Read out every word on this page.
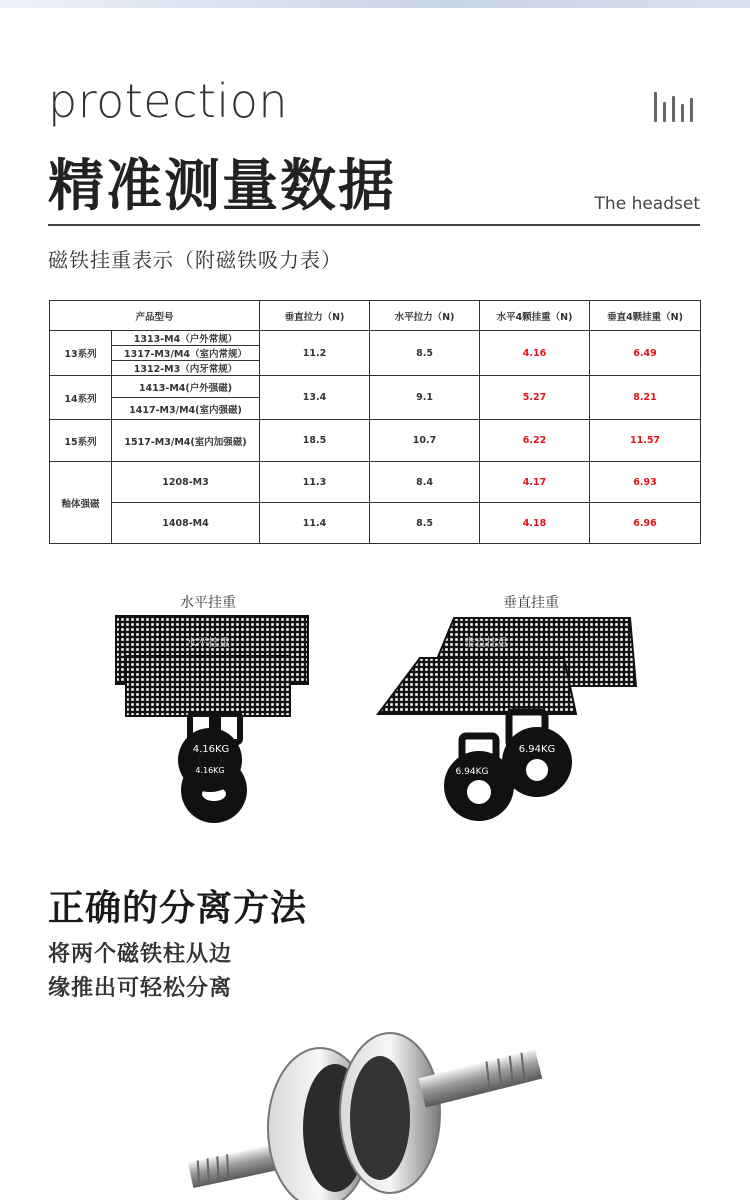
protection
精准测量数据	The headset
磁铁挂重表示（附磁铁吸力表）
产品型号		垂直拉力（N)	水平拉力（N)	水平4颗挂重（N)	垂直4颗挂重（N)
13系列	1313-M4（户外常规）	11.2	8.5	4.16	6.49
	1317-M3/M4（室内常规）				
	1312-M3（内牙常规）				
14系列	1413-M4(户外强磁)	13.4	9.1	5.27	8.21
	1417-M3/M4(室内强磁)				
15系列	1517-M3/M4(室内加强磁)	18.5	10.7	6.22	11.57
釉体强磁	1208-M3	11.3	8.4	4.17	6.93
	1408-M4	11.4	8.5	4.18	6.96
水平挂重
水平挂重
4.16KG
4.16KG
垂直挂重
垂直挂重
6.94KG
6.94KG
正确的分离方法
将两个磁铁柱从边
缘推出可轻松分离
